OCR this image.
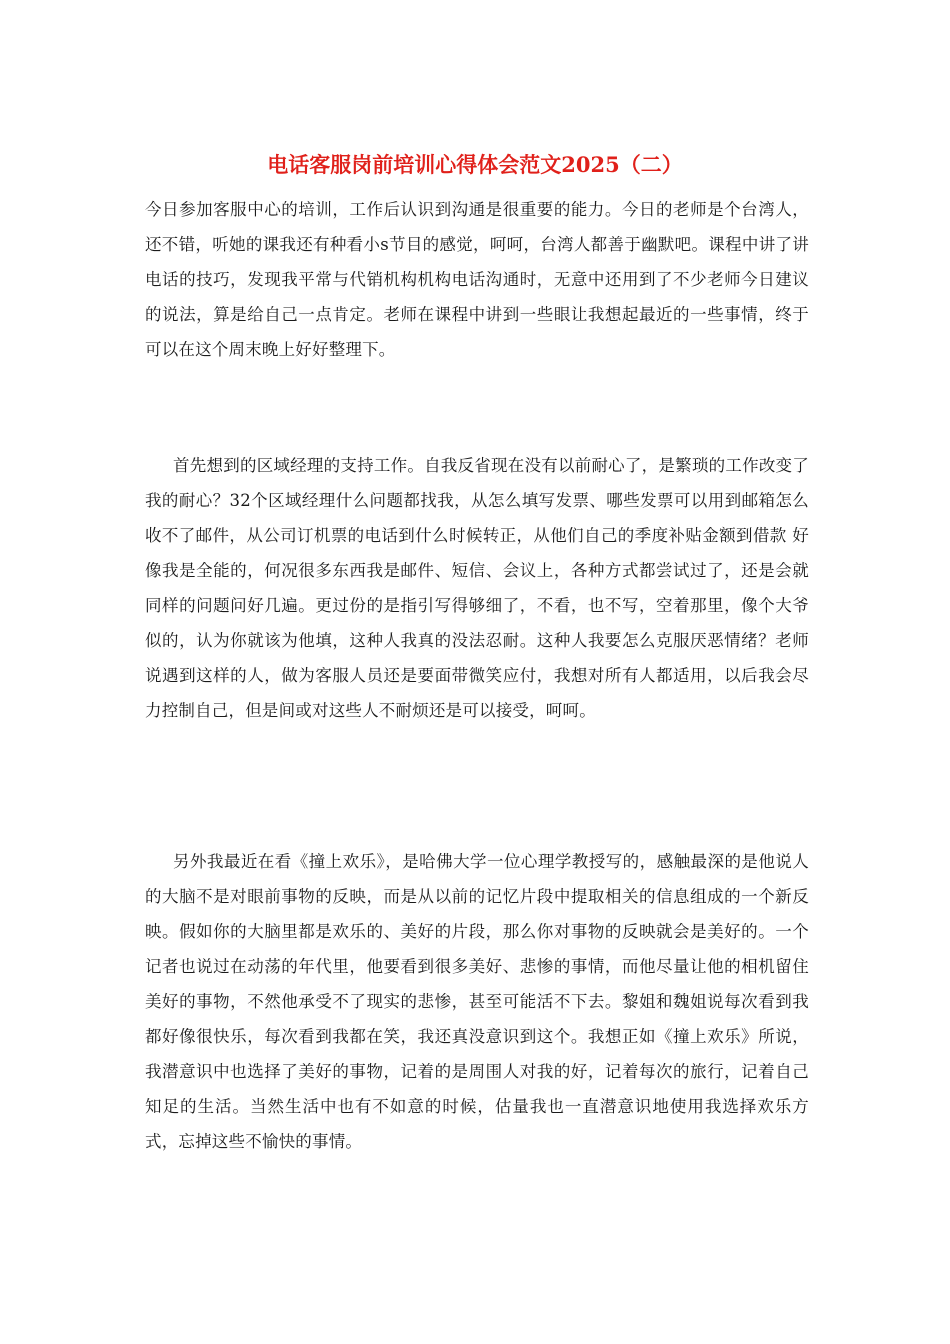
电话客服岗前培训心得体会范文2025（二）

今日参加客服中心的培训，工作后认识到沟通是很重要的能力。今日的老师是个台湾人，还不错，听她的课我还有种看小s节目的感觉，呵呵，台湾人都善于幽默吧。课程中讲了讲电话的技巧，发现我平常与代销机构机构电话沟通时，无意中还用到了不少老师今日建议的说法，算是给自己一点肯定。老师在课程中讲到一些眼让我想起最近的一些事情，终于可以在这个周末晚上好好整理下。

首先想到的区域经理的支持工作。自我反省现在没有以前耐心了，是繁琐的工作改变了我的耐心？32个区域经理什么问题都找我，从怎么填写发票、哪些发票可以用到邮箱怎么收不了邮件，从公司订机票的电话到什么时候转正，从他们自己的季度补贴金额到借款 好像我是全能的，何况很多东西我是邮件、短信、会议上，各种方式都尝试过了，还是会就同样的问题问好几遍。更过份的是指引写得够细了，不看，也不写，空着那里，像个大爷似的，认为你就该为他填，这种人我真的没法忍耐。这种人我要怎么克服厌恶情绪？老师说遇到这样的人，做为客服人员还是要面带微笑应付，我想对所有人都适用，以后我会尽力控制自己，但是间或对这些人不耐烦还是可以接受，呵呵。

另外我最近在看《撞上欢乐》，是哈佛大学一位心理学教授写的，感触最深的是他说人的大脑不是对眼前事物的反映，而是从以前的记忆片段中提取相关的信息组成的一个新反映。假如你的大脑里都是欢乐的、美好的片段，那么你对事物的反映就会是美好的。一个记者也说过在动荡的年代里，他要看到很多美好、悲惨的事情，而他尽量让他的相机留住美好的事物，不然他承受不了现实的悲惨，甚至可能活不下去。黎姐和魏姐说每次看到我都好像很快乐，每次看到我都在笑，我还真没意识到这个。我想正如《撞上欢乐》所说，我潜意识中也选择了美好的事物，记着的是周围人对我的好，记着每次的旅行，记着自己知足的生活。当然生活中也有不如意的时候，估量我也一直潜意识地使用我选择欢乐方式，忘掉这些不愉快的事情。
